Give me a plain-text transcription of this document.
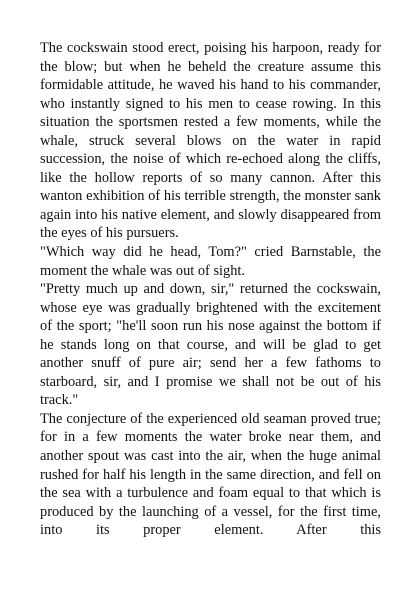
The cockswain stood erect, poising his harpoon, ready for the blow; but when he beheld the creature assume this formidable attitude, he waved his hand to his commander, who instantly signed to his men to cease rowing. In this situation the sportsmen rested a few moments, while the whale, struck several blows on the water in rapid succession, the noise of which re-echoed along the cliffs, like the hollow reports of so many cannon. After this wanton exhibition of his terrible strength, the monster sank again into his native element, and slowly disappeared from the eyes of his pursuers.

"Which way did he head, Tom?" cried Barnstable, the moment the whale was out of sight.

"Pretty much up and down, sir," returned the cockswain, whose eye was gradually brightened with the excitement of the sport; "he'll soon run his nose against the bottom if he stands long on that course, and will be glad to get another snuff of pure air; send her a few fathoms to starboard, sir, and I promise we shall not be out of his track."

The conjecture of the experienced old seaman proved true; for in a few moments the water broke near them, and another spout was cast into the air, when the huge animal rushed for half his length in the same direction, and fell on the sea with a turbulence and foam equal to that which is produced by the launching of a vessel, for the first time, into its proper element. After this
